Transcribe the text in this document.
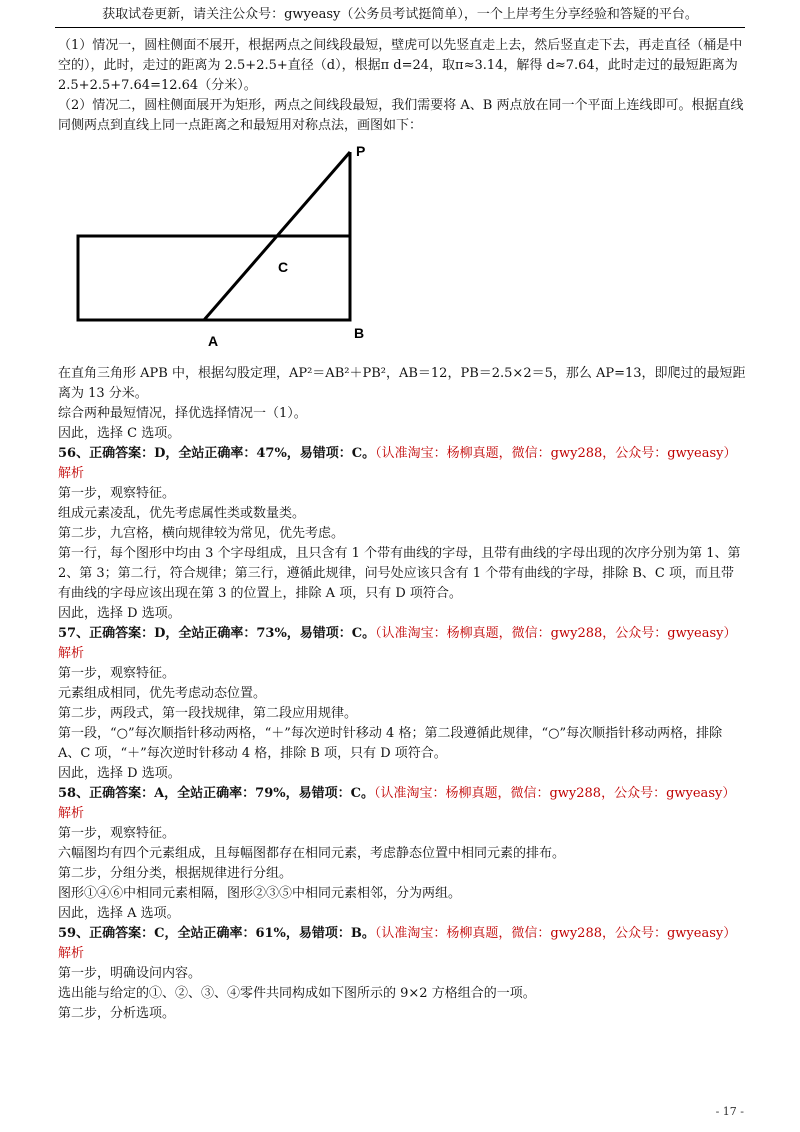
获取试卷更新，请关注公众号：gwyeasy（公务员考试挺简单），一个上岸考生分享经验和答疑的平台。

（1）情况一，圆柱侧面不展开，根据两点之间线段最短，壁虎可以先竖直走上去，然后竖直走下去，再走直径（桶是中空的），此时，走过的距离为 2.5+2.5+直径（d），根据π d=24，取π≈3.14，解得 d≈7.64，此时走过的最短距离为 2.5+2.5+7.64=12.64（分米）。

（2）情况二，圆柱侧面展开为矩形，两点之间线段最短，我们需要将 A、B 两点放在同一个平面上连线即可。根据直线同侧两点到直线上同一点距离之和最短用对称点法，画图如下：

P
C
A	B

在直角三角形 APB 中，根据勾股定理，AP²＝AB²＋PB²，AB＝12，PB＝2.5×2＝5，那么 AP=13，即爬过的最短距离为 13 分米。

综合两种最短情况，择优选择情况一（1）。

因此，选择 C 选项。

56、正确答案：D，全站正确率：47%，易错项：C。（认准淘宝：杨柳真题，微信：gwy288，公众号：gwyeasy）

解析

第一步，观察特征。

组成元素凌乱，优先考虑属性类或数量类。

第二步，九宫格，横向规律较为常见，优先考虑。

第一行，每个图形中均由 3 个字母组成，且只含有 1 个带有曲线的字母，且带有曲线的字母出现的次序分别为第 1、第 2、第 3；第二行，符合规律；第三行，遵循此规律，问号处应该只含有 1 个带有曲线的字母，排除 B、C 项，而且带有曲线的字母应该出现在第 3 的位置上，排除 A 项，只有 D 项符合。

因此，选择 D 选项。

57、正确答案：D，全站正确率：73%，易错项：C。（认准淘宝：杨柳真题，微信：gwy288，公众号：gwyeasy）

解析

第一步，观察特征。

元素组成相同，优先考虑动态位置。

第二步，两段式，第一段找规律，第二段应用规律。

第一段，“○”每次顺指针移动两格，“＋”每次逆时针移动 4 格；第二段遵循此规律，“○”每次顺指针移动两格，排除 A、C 项，“＋”每次逆时针移动 4 格，排除 B 项，只有 D 项符合。

因此，选择 D 选项。

58、正确答案：A，全站正确率：79%，易错项：C。（认准淘宝：杨柳真题，微信：gwy288，公众号：gwyeasy）

解析

第一步，观察特征。

六幅图均有四个元素组成，且每幅图都存在相同元素，考虑静态位置中相同元素的排布。

第二步，分组分类，根据规律进行分组。

图形①④⑥中相同元素相隔，图形②③⑤中相同元素相邻，分为两组。

因此，选择 A 选项。

59、正确答案：C，全站正确率：61%，易错项：B。（认准淘宝：杨柳真题，微信：gwy288，公众号：gwyeasy）

解析

第一步，明确设问内容。

选出能与给定的①、②、③、④零件共同构成如下图所示的 9×2 方格组合的一项。

第二步，分析选项。

- 17 -
